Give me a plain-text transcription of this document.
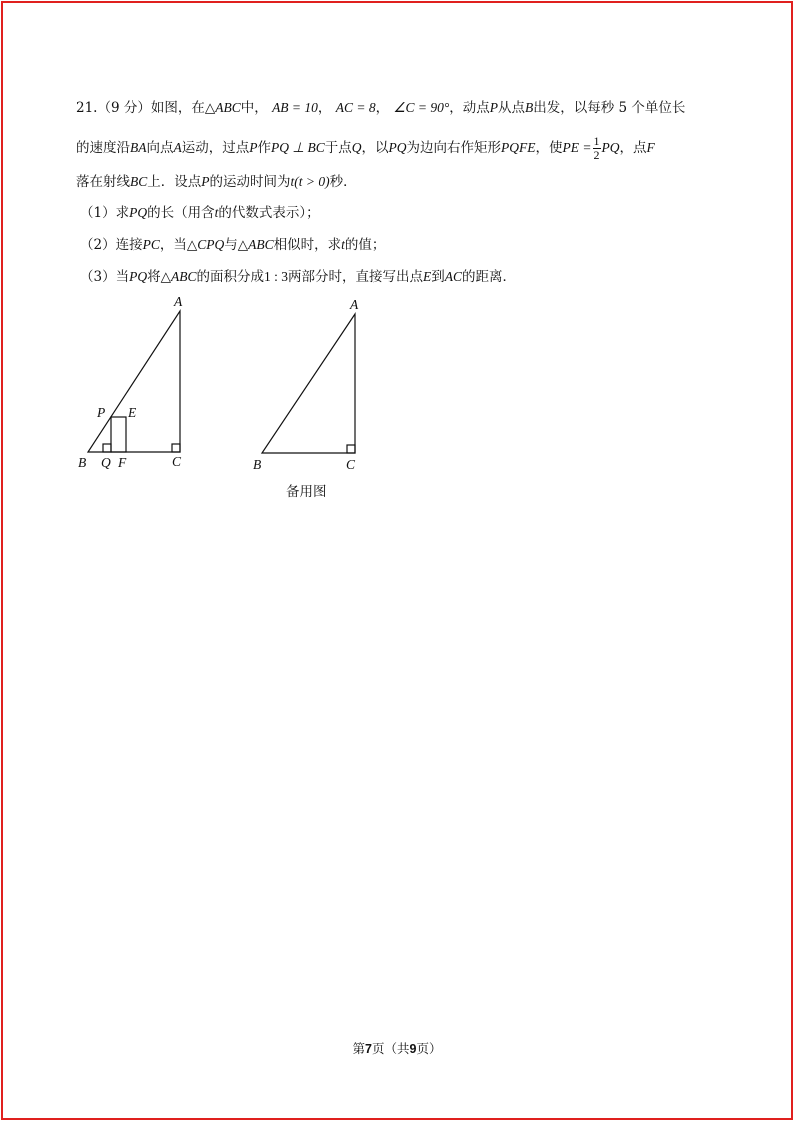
21.（9 分）如图，在△ABC中， AB = 10， AC = 8， ∠C = 90°，动点P从点B出发，以每秒 5 个单位长
的速度沿BA向点A运动，过点P作PQ ⊥ BC于点Q，以PQ为边向右作矩形PQFE，使PE = $\frac{1}{2}$ PQ，点F
落在射线BC上．设点P的运动时间为t(t > 0)秒．
（1）求PQ的长（用含t的代数式表示）；
（2）连接PC，当△CPQ与△ABC相似时，求t的值；
（3）当PQ将△ABC的面积分成1 : 3两部分时，直接写出点E到AC的距离．
A
P E
B Q F	C
A
B	C
备用图
第7页（共9页）
